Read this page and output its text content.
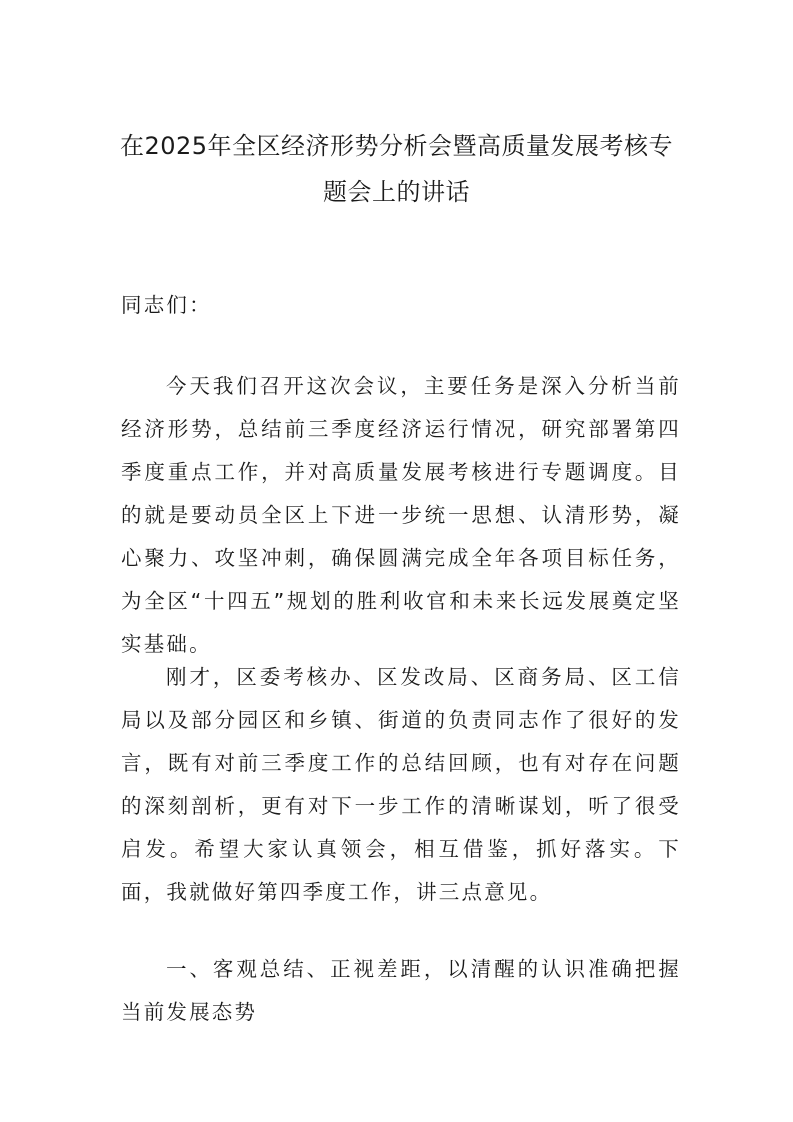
在2025年全区经济形势分析会暨高质量发展考核专
题会上的讲话

同志们：

今天我们召开这次会议，主要任务是深入分析当前经济形势，总结前三季度经济运行情况，研究部署第四季度重点工作，并对高质量发展考核进行专题调度。目的就是要动员全区上下进一步统一思想、认清形势，凝心聚力、攻坚冲刺，确保圆满完成全年各项目标任务，为全区“十四五”规划的胜利收官和未来长远发展奠定坚实基础。

刚才，区委考核办、区发改局、区商务局、区工信局以及部分园区和乡镇、街道的负责同志作了很好的发言，既有对前三季度工作的总结回顾，也有对存在问题的深刻剖析，更有对下一步工作的清晰谋划，听了很受启发。希望大家认真领会，相互借鉴，抓好落实。下面，我就做好第四季度工作，讲三点意见。

一、客观总结、正视差距，以清醒的认识准确把握当前发展态势
